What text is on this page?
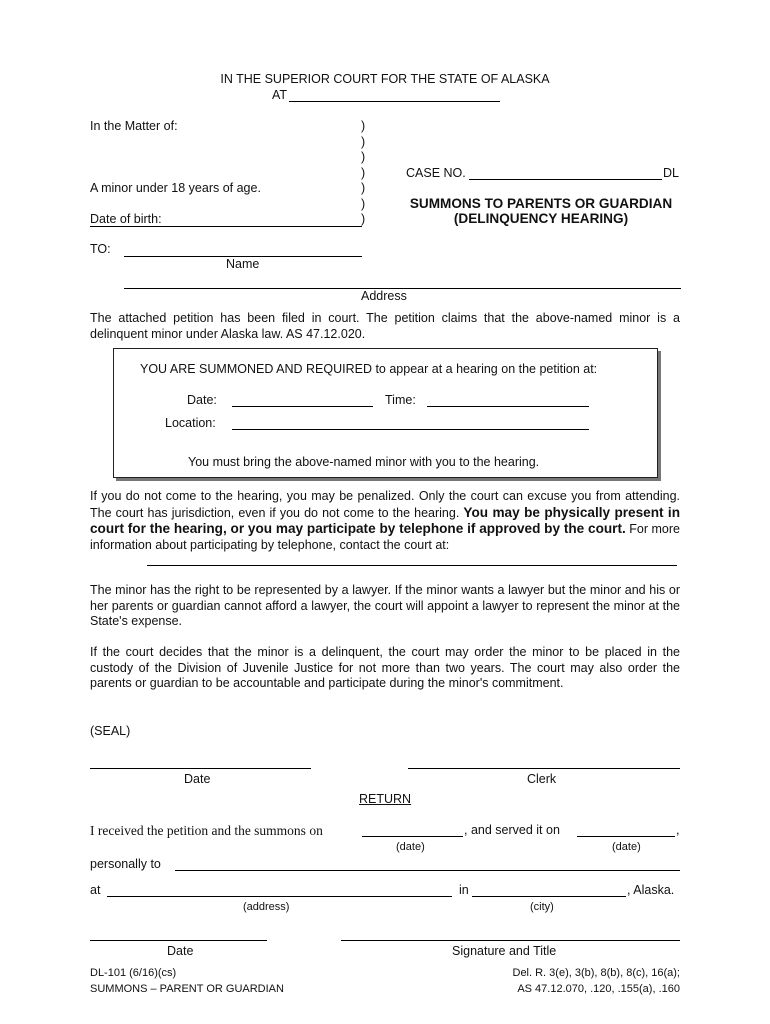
IN THE SUPERIOR COURT FOR THE STATE OF ALASKA
AT
In the Matter of:
A minor under 18 years of age.
Date of birth:
)
)
)
)
)
)
)
CASE NO.	DL
SUMMONS TO PARENTS OR GUARDIAN
(DELINQUENCY HEARING)
TO:
Name
Address
The attached petition has been filed in court. The petition claims that the above-named minor is a delinquent minor under Alaska law. AS 47.12.020.
YOU ARE SUMMONED AND REQUIRED to appear at a hearing on the petition at:
Date:	Time:
Location:
You must bring the above-named minor with you to the hearing.
If you do not come to the hearing, you may be penalized. Only the court can excuse you from attending. The court has jurisdiction, even if you do not come to the hearing. You may be physically present in court for the hearing, or you may participate by telephone if approved by the court. For more information about participating by telephone, contact the court at:
The minor has the right to be represented by a lawyer. If the minor wants a lawyer but the minor and his or her parents or guardian cannot afford a lawyer, the court will appoint a lawyer to represent the minor at the State's expense.
If the court decides that the minor is a delinquent, the court may order the minor to be placed in the custody of the Division of Juvenile Justice for not more than two years. The court may also order the parents or guardian to be accountable and participate during the minor's commitment.
(SEAL)
Date	Clerk
RETURN
I received the petition and the summons on	, and served it on	,
(date)	(date)
personally to
at	in	, Alaska.
(address)	(city)
Date	Signature and Title
DL-101 (6/16)(cs)
SUMMONS – PARENT OR GUARDIAN
Del. R. 3(e), 3(b), 8(b), 8(c), 16(a);
AS 47.12.070, .120, .155(a), .160
